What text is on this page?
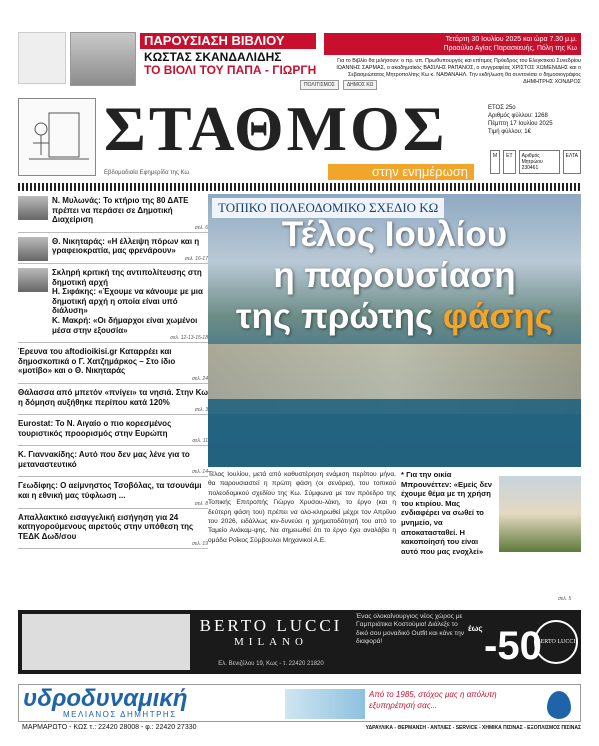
ΠΑΡΟΥΣΙΑΣΗ ΒΙΒΛΙΟΥ
ΚΩΣΤΑΣ ΣΚΑΝΔΑΛΙΔΗΣ
ΤΟ ΒΙΟΛΙ ΤΟΥ ΠΑΠΑ - ΓΙΩΡΓΗ
Τετάρτη 30 Ιουλίου 2025 και ώρα 7.30 μ.μ.
Προαύλιο Αγίας Παρασκευής, Πόλη της Κω
Για το Βιβλίο θα μιλήσουν: ο πρ. υπ. Πρωθυπουργός και επίτιμος Πρόεδρος του Ελεγκτικού Συνεδρίου ΙΩΑΝΝΗΣ ΣΑΡΜΑΣ, ο ακαδημαϊκός ΒΑΣΙΛΗΣ ΡΑΠΑΝΟΣ, ο συγγραφέας ΧΡΙΣΤΟΣ ΧΩΜΕΝΙΔΗΣ και ο Σεβασμιώτατος Μητροπολίτης Κω κ. ΝΑΘΑΝΑΗΛ. Την εκδήλωση θα συντονίσει ο δημοσιογράφος ΔΗΜΗΤΡΗΣ ΧΟΝΔΡΟΣ
ΠΟΛΙΤΙΣΜΟΣ	ΔΗΜΟΣ ΚΩ
ΣΤΑΘΜΟΣ
Εβδομαδιαία Εφημερίδα της Κω	στην ενημέρωση
ΕΤΟΣ 25ο
Αριθμός φύλλου: 1268
Πέμπτη 17 Ιουλίου 2025
Τιμή φύλλου: 1€
Μ	ΕΤ	Αριθμός Μητρώου 230461
ΕΛΤΑ
Ν. Μυλωνάς: Το κτήριο της 80 ΔΑΤΕ πρέπει να περάσει σε Δημοτική Διαχείριση
σελ. 6
Θ. Νικηταράς: «Η έλλειψη πόρων και η γραφειοκρατία, μας φρενάρουν»
σελ. 16-17
Σκληρή κριτική της αντιπολίτευσης στη δημοτική αρχή
Η. Σιφάκης: «Έχουμε να κάνουμε με μια δημοτική αρχή η οποία είναι υπό διάλυση»
Κ. Μακρή: «Οι δήμαρχοι είναι χωμένοι μέσα στην εξουσία»
σελ. 12-13-15-18
Έρευνα του aftodioikisi.gr Καταρρέει και δημοσκοπικά ο Γ. Χατζημάρκος – Στο ίδιο «μοτίβο» και ο Θ. Νικηταράς
σελ. 24
Θάλασσα από μπετόν «πνίγει» τα νησιά. Στην Κω η δόμηση αυξήθηκε περίπου κατά 120%
σελ. 3
Eurostat: Το Ν. Αιγαίο ο πιο κορεσμένος τουριστικός προορισμός στην Ευρώπη
σελ. 11
Κ. Γιαννακίδης: Αυτό που δεν μας λένε για το μεταναστευτικό
σελ. 14
Γεωδίφης: Ο αείμνηστος Τσοβόλας, τα τσουνάμι και η εθνική μας τύφλωση ...
σελ. 8
Απαλλακτικό εισαγγελική εισήγηση για 24 κατηγορούμενους αιρετούς στην υπόθεση της ΤΕΔΚ Δωδ/σου
σελ. 19
ΤΟΠΙΚΟ ΠΟΛΕΟΔΟΜΙΚΟ ΣΧΕΔΙΟ ΚΩ
Τέλος Ιουλίου
η παρουσίαση
της πρώτης φάσης
Τέλος Ιουλίου, μετά από καθυστέρηση ενάμιση περίπου μήνα. θα παρουσιαστεί η πρώτη φάση (οι σενάρια), του τοπικού πολεοδομικού σχεδίου της Κω. Σύμφωνα με τον πρόεδρο της Τοπικής Επιτροπής Γιώργο Χρυσου-λάκη, το έργο (και η δεύτερη φάση του) πρέπει να ολο-κληρωθεί μέχρι τον Απρίλιο του 2026, ειδάλλως κιν-δυνεύει η χρηματοδότησή του από το Ταμείο Ανάκαμ-ψης. Να σημειωθεί ότι το έργο έχει αναλάβει η ομάδα Ροΐκος Σύμβουλοι Μηχανικοί Α.Ε.
* Για την οικία Μπρουνέττεν: «Εμείς δεν έχουμε θέμα με τη χρήση του κτιρίου. Μας ενδιαφέρει να σωθεί το μνημείο, να αποκατασταθεί. Η κακοποίησή του είναι αυτό που μας ενοχλεί»
σελ. 5
BERTO LUCCI
MILANO
Ελ. Βενιζέλου 19, Κως - τ. 22420 21820
Ένας ολοκαίνουργιος νέος χώρος με Γαμπριάτικα Κοστούμια! Διάλεξε το δικό σου μοναδικό Outfit και κάνε την διαφορά!
έως -50
BERTO LUCCI
υδροδυναμική
ΜΕΛΙΑΝΟΣ ΔΗΜΗΤΡΗΣ
Από το 1985, στόχος μας η απόλυτη εξυπηρέτησή σας...
ΜΑΡΜΑΡΩΤΟ - ΚΩΣ τ.: 22420 28008 - φ.: 22420 27330	ΥΔΡΑΥΛΙΚΑ - ΘΕΡΜΑΝΣΗ - ΑΝΤΛΙΕΣ - SERVICE - ΧΗΜΙΚΑ ΠΙΣΙΝΑΣ - ΕΞΟΠΛΙΣΜΟΣ ΠΙΣΙΝΑΣ
